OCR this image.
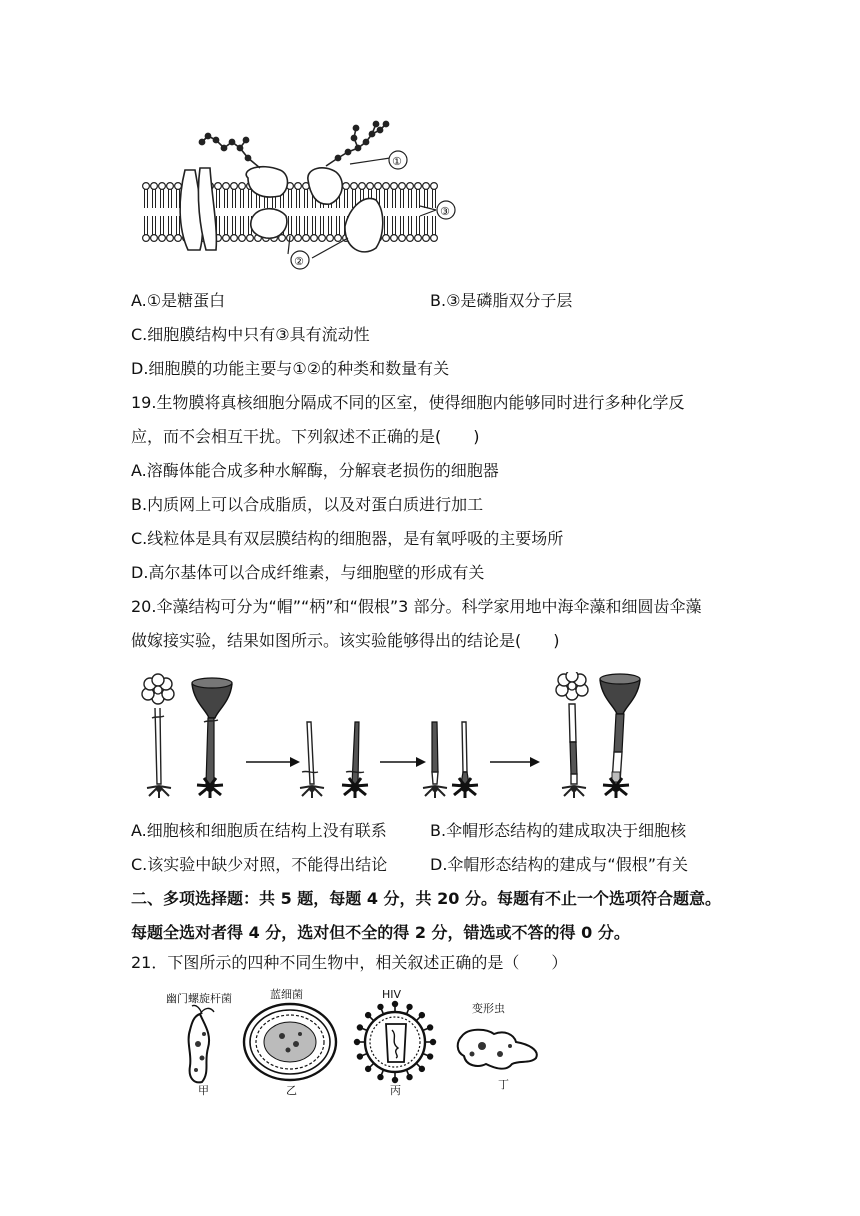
①
③
②
A.①是糖蛋白	B.③是磷脂双分子层
C.细胞膜结构中只有③具有流动性
D.细胞膜的功能主要与①②的种类和数量有关
19.生物膜将真核细胞分隔成不同的区室，使得细胞内能够同时进行多种化学反
应，而不会相互干扰。下列叙述不正确的是(　　)
A.溶酶体能合成多种水解酶，分解衰老损伤的细胞器
B.内质网上可以合成脂质，以及对蛋白质进行加工
C.线粒体是具有双层膜结构的细胞器，是有氧呼吸的主要场所
D.高尔基体可以合成纤维素，与细胞壁的形成有关
20.伞藻结构可分为“帽”“柄”和“假根”3 部分。科学家用地中海伞藻和细圆齿伞藻
做嫁接实验，结果如图所示。该实验能够得出的结论是(　　)
A.细胞核和细胞质在结构上没有联系	B.伞帽形态结构的建成取决于细胞核
C.该实验中缺少对照，不能得出结论	D.伞帽形态结构的建成与“假根”有关
二、多项选择题：共 5 题，每题 4 分，共 20 分。每题有不止一个选项符合题意。
每题全选对者得 4 分，选对但不全的得 2 分，错选或不答的得 0 分。
21．下图所示的四种不同生物中，相关叙述正确的是（　　）
幽门螺旋杆菌	蓝细菌	HIV
变形虫
甲	乙	丙	丁
